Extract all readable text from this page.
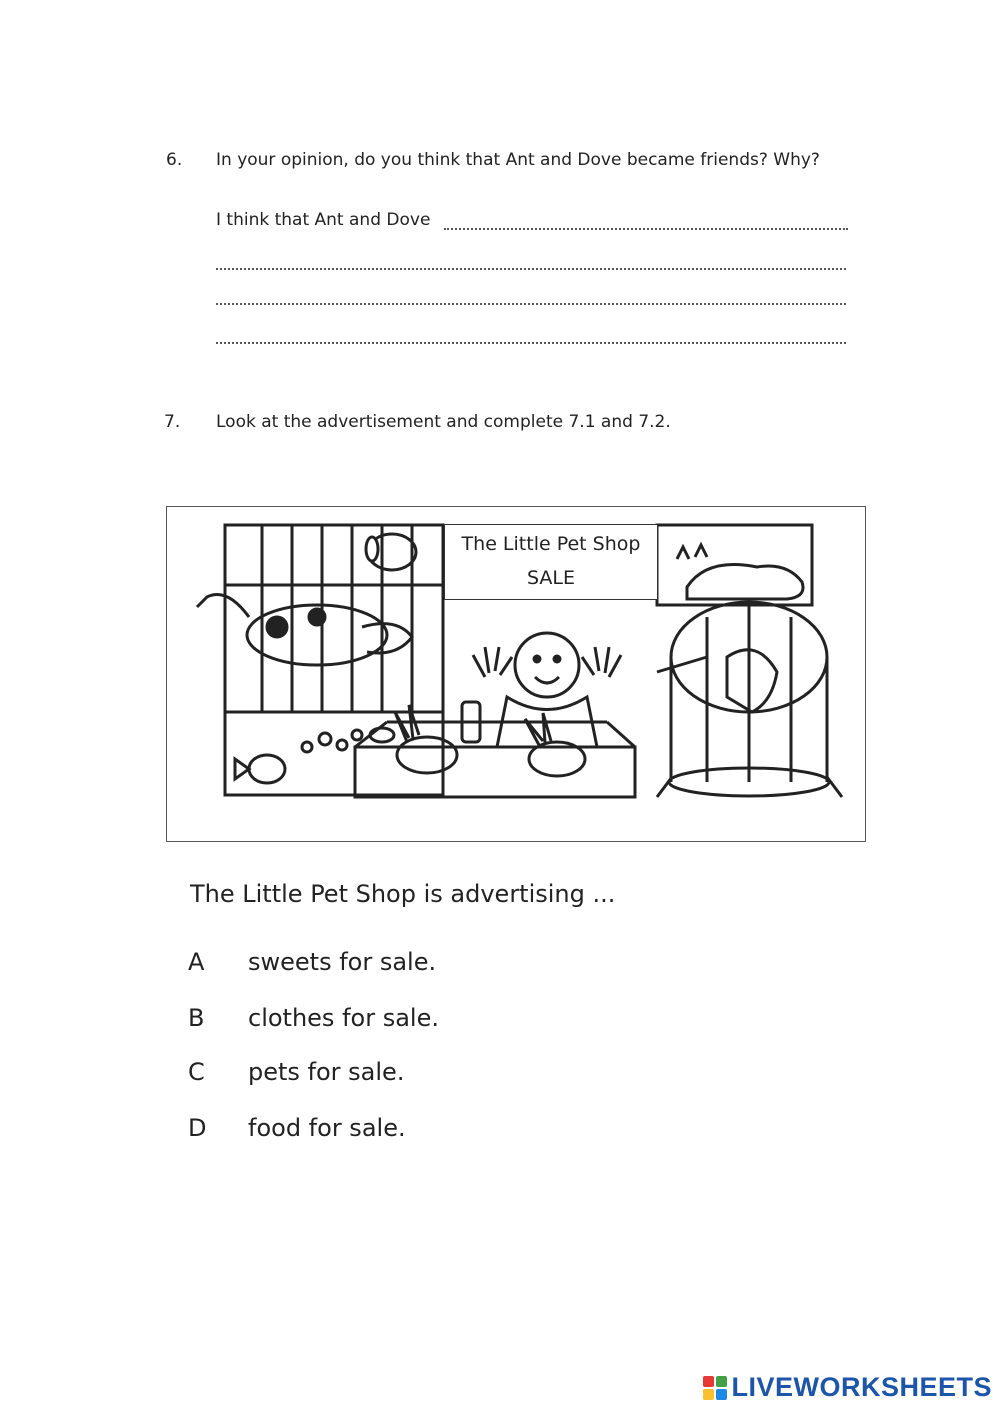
6. In your opinion, do you think that Ant and Dove became friends? Why?
I think that Ant and Dove
7. Look at the advertisement and complete 7.1 and 7.2.
The Little Pet Shop
SALE
The Little Pet Shop is advertising ...
A sweets for sale.
B clothes for sale.
C pets for sale.
D food for sale.
LIVEWORKSHEETS
